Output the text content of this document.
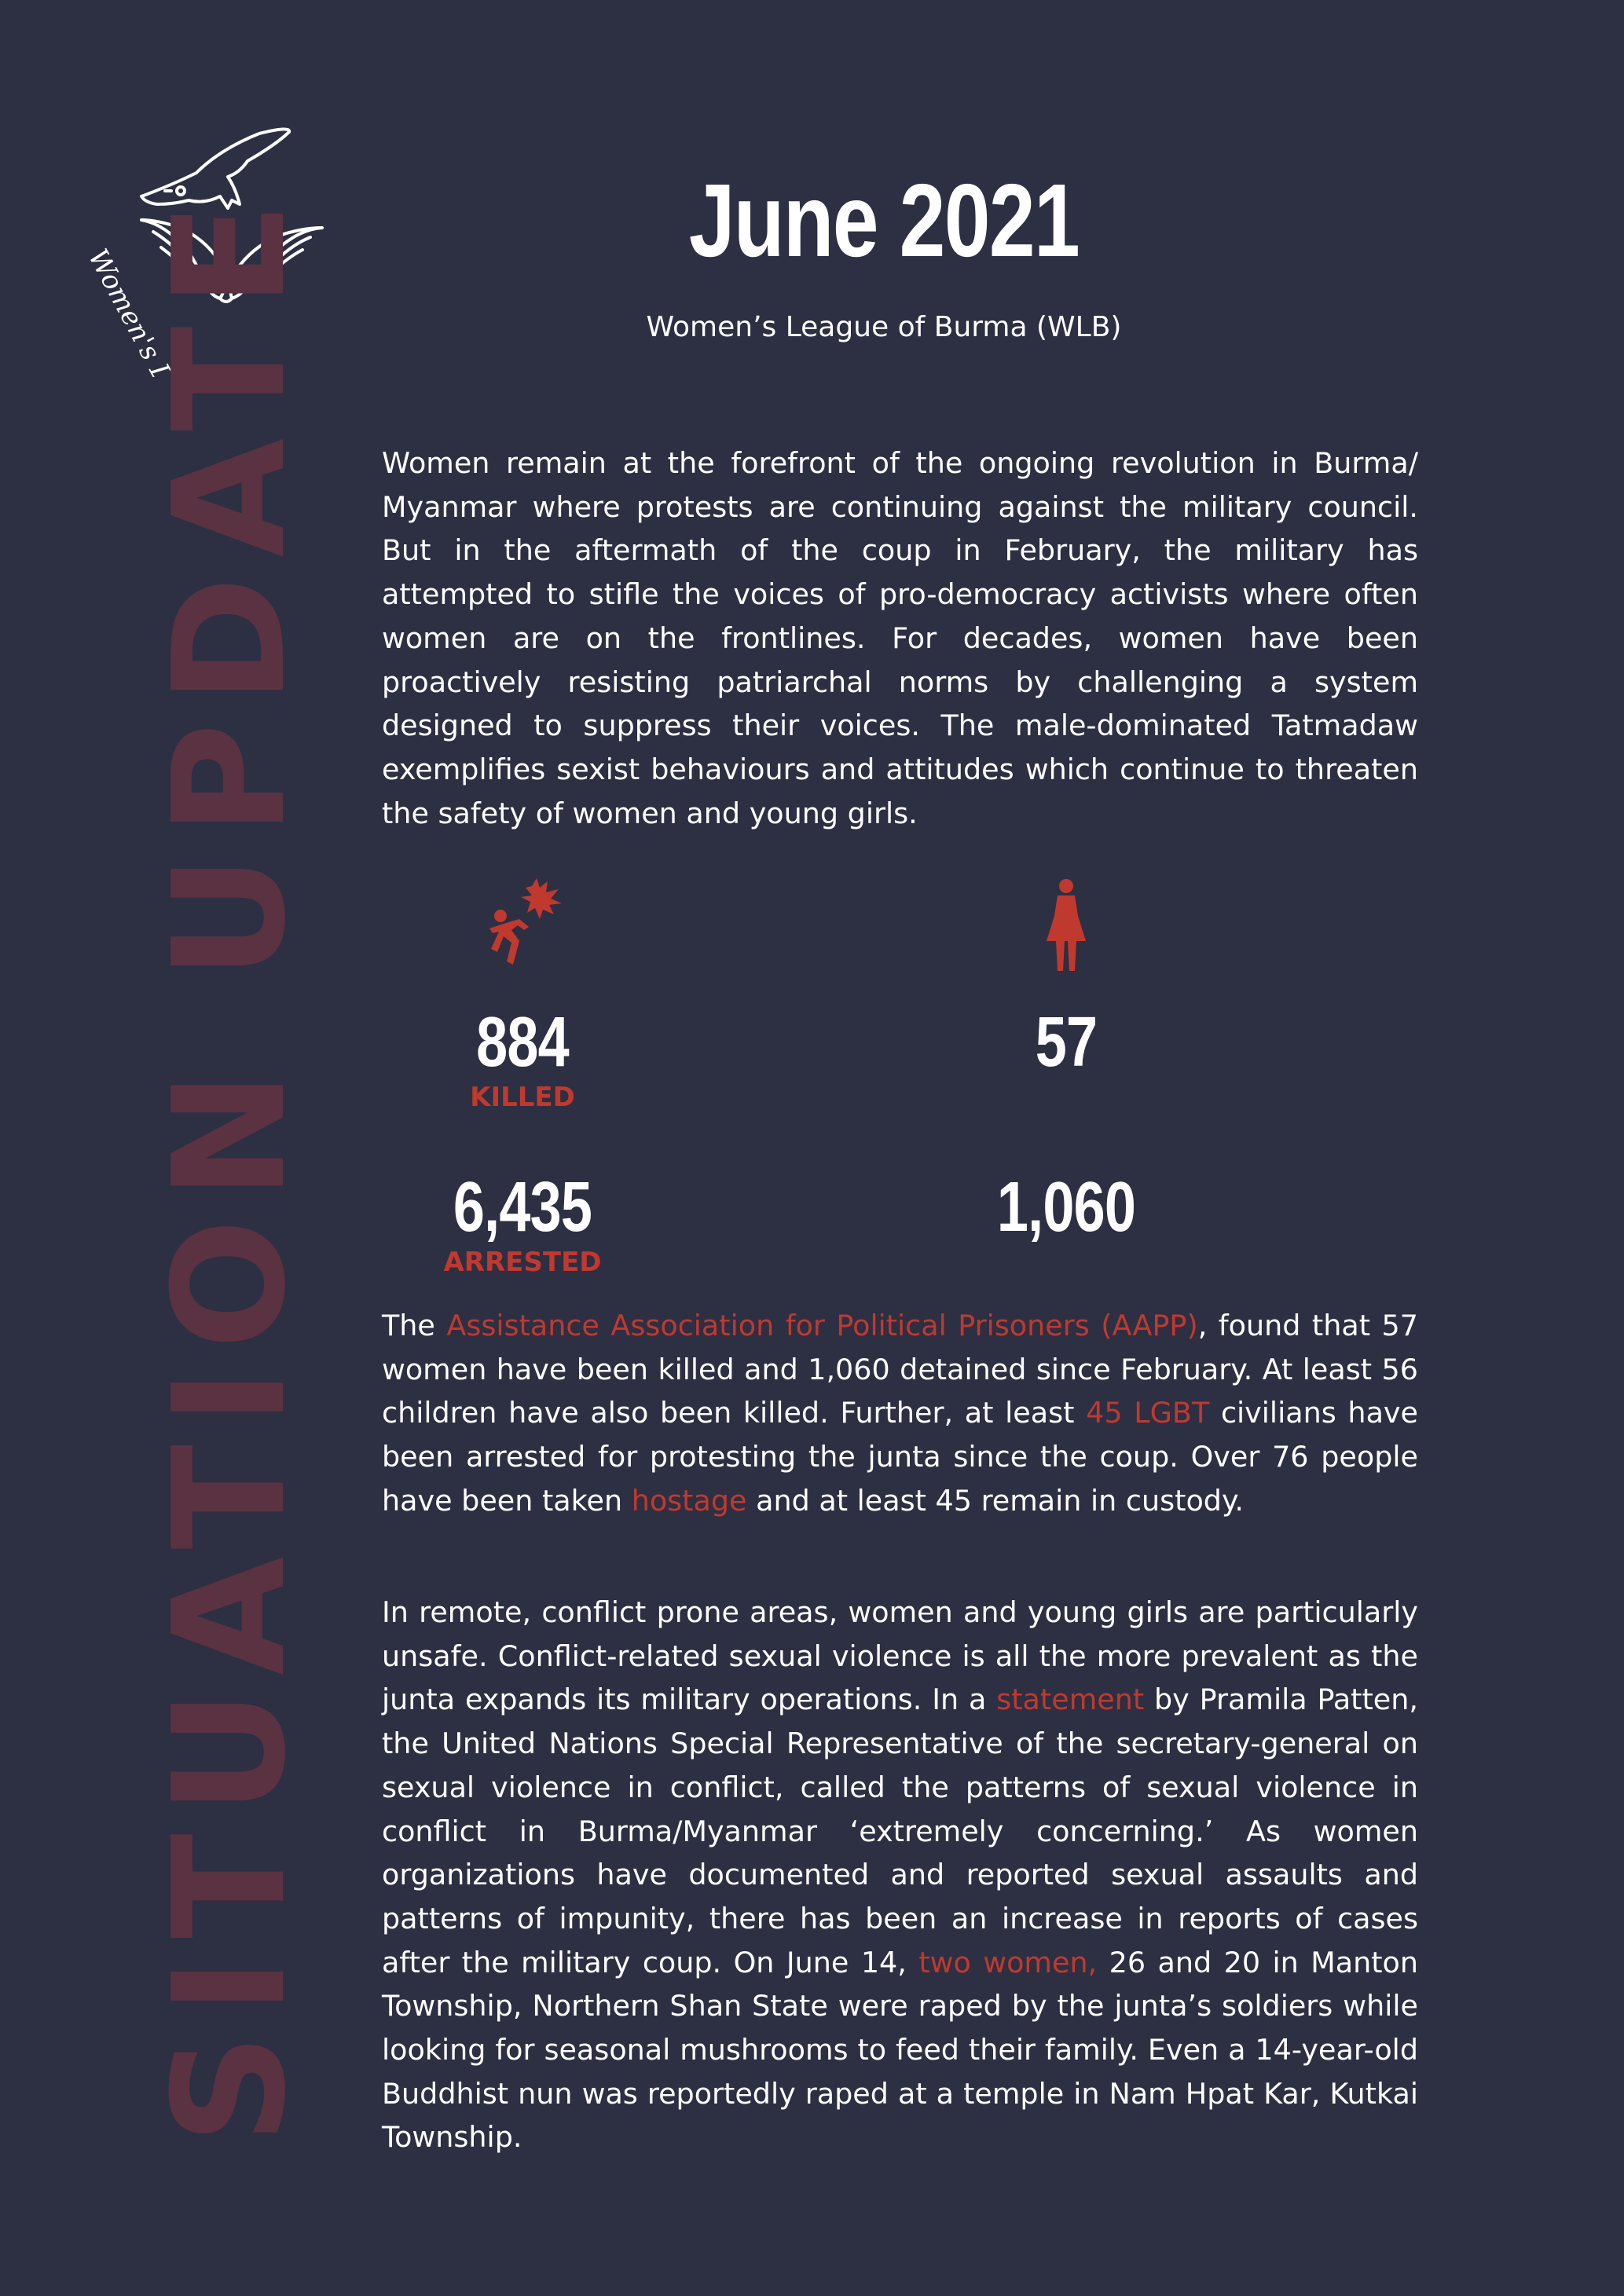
SITUATION UPDATE	June 2021
Women’s League of Burma (WLB)

Women remain at the forefront of the ongoing revolution in Burma/ Myanmar where protests are continuing against the military council. But in the aftermath of the coup in February, the military has attempted to stifle the voices of pro-democracy activists where often women are on the frontlines. For decades, women have been proactively resisting patriarchal norms by challenging a system designed to suppress their voices. The male-dominated Tatmadaw exemplifies sexist behaviours and attitudes which continue to threaten the safety of women and young girls.

884
KILLED
57
6,435
ARRESTED
1,060

The Assistance Association for Political Prisoners (AAPP), found that 57 women have been killed and 1,060 detained since February. At least 56 children have also been killed. Further, at least 45 LGBT civilians have been arrested for protesting the junta since the coup. Over 76 people have been taken hostage and at least 45 remain in custody.

In remote, conflict prone areas, women and young girls are particularly unsafe. Conflict-related sexual violence is all the more prevalent as the junta expands its military operations. In a statement by Pramila Patten, the United Nations Special Representative of the secretary-general on sexual violence in conflict, called the patterns of sexual violence in conflict in Burma/Myanmar ‘extremely concerning.’ As women organizations have documented and reported sexual assaults and patterns of impunity, there has been an increase in reports of cases after the military coup. On June 14, two women, 26 and 20 in Manton Township, Northern Shan State were raped by the junta’s soldiers while looking for seasonal mushrooms to feed their family. Even a 14-year-old Buddhist nun was reportedly raped at a temple in Nam Hpat Kar, Kutkai Township.
